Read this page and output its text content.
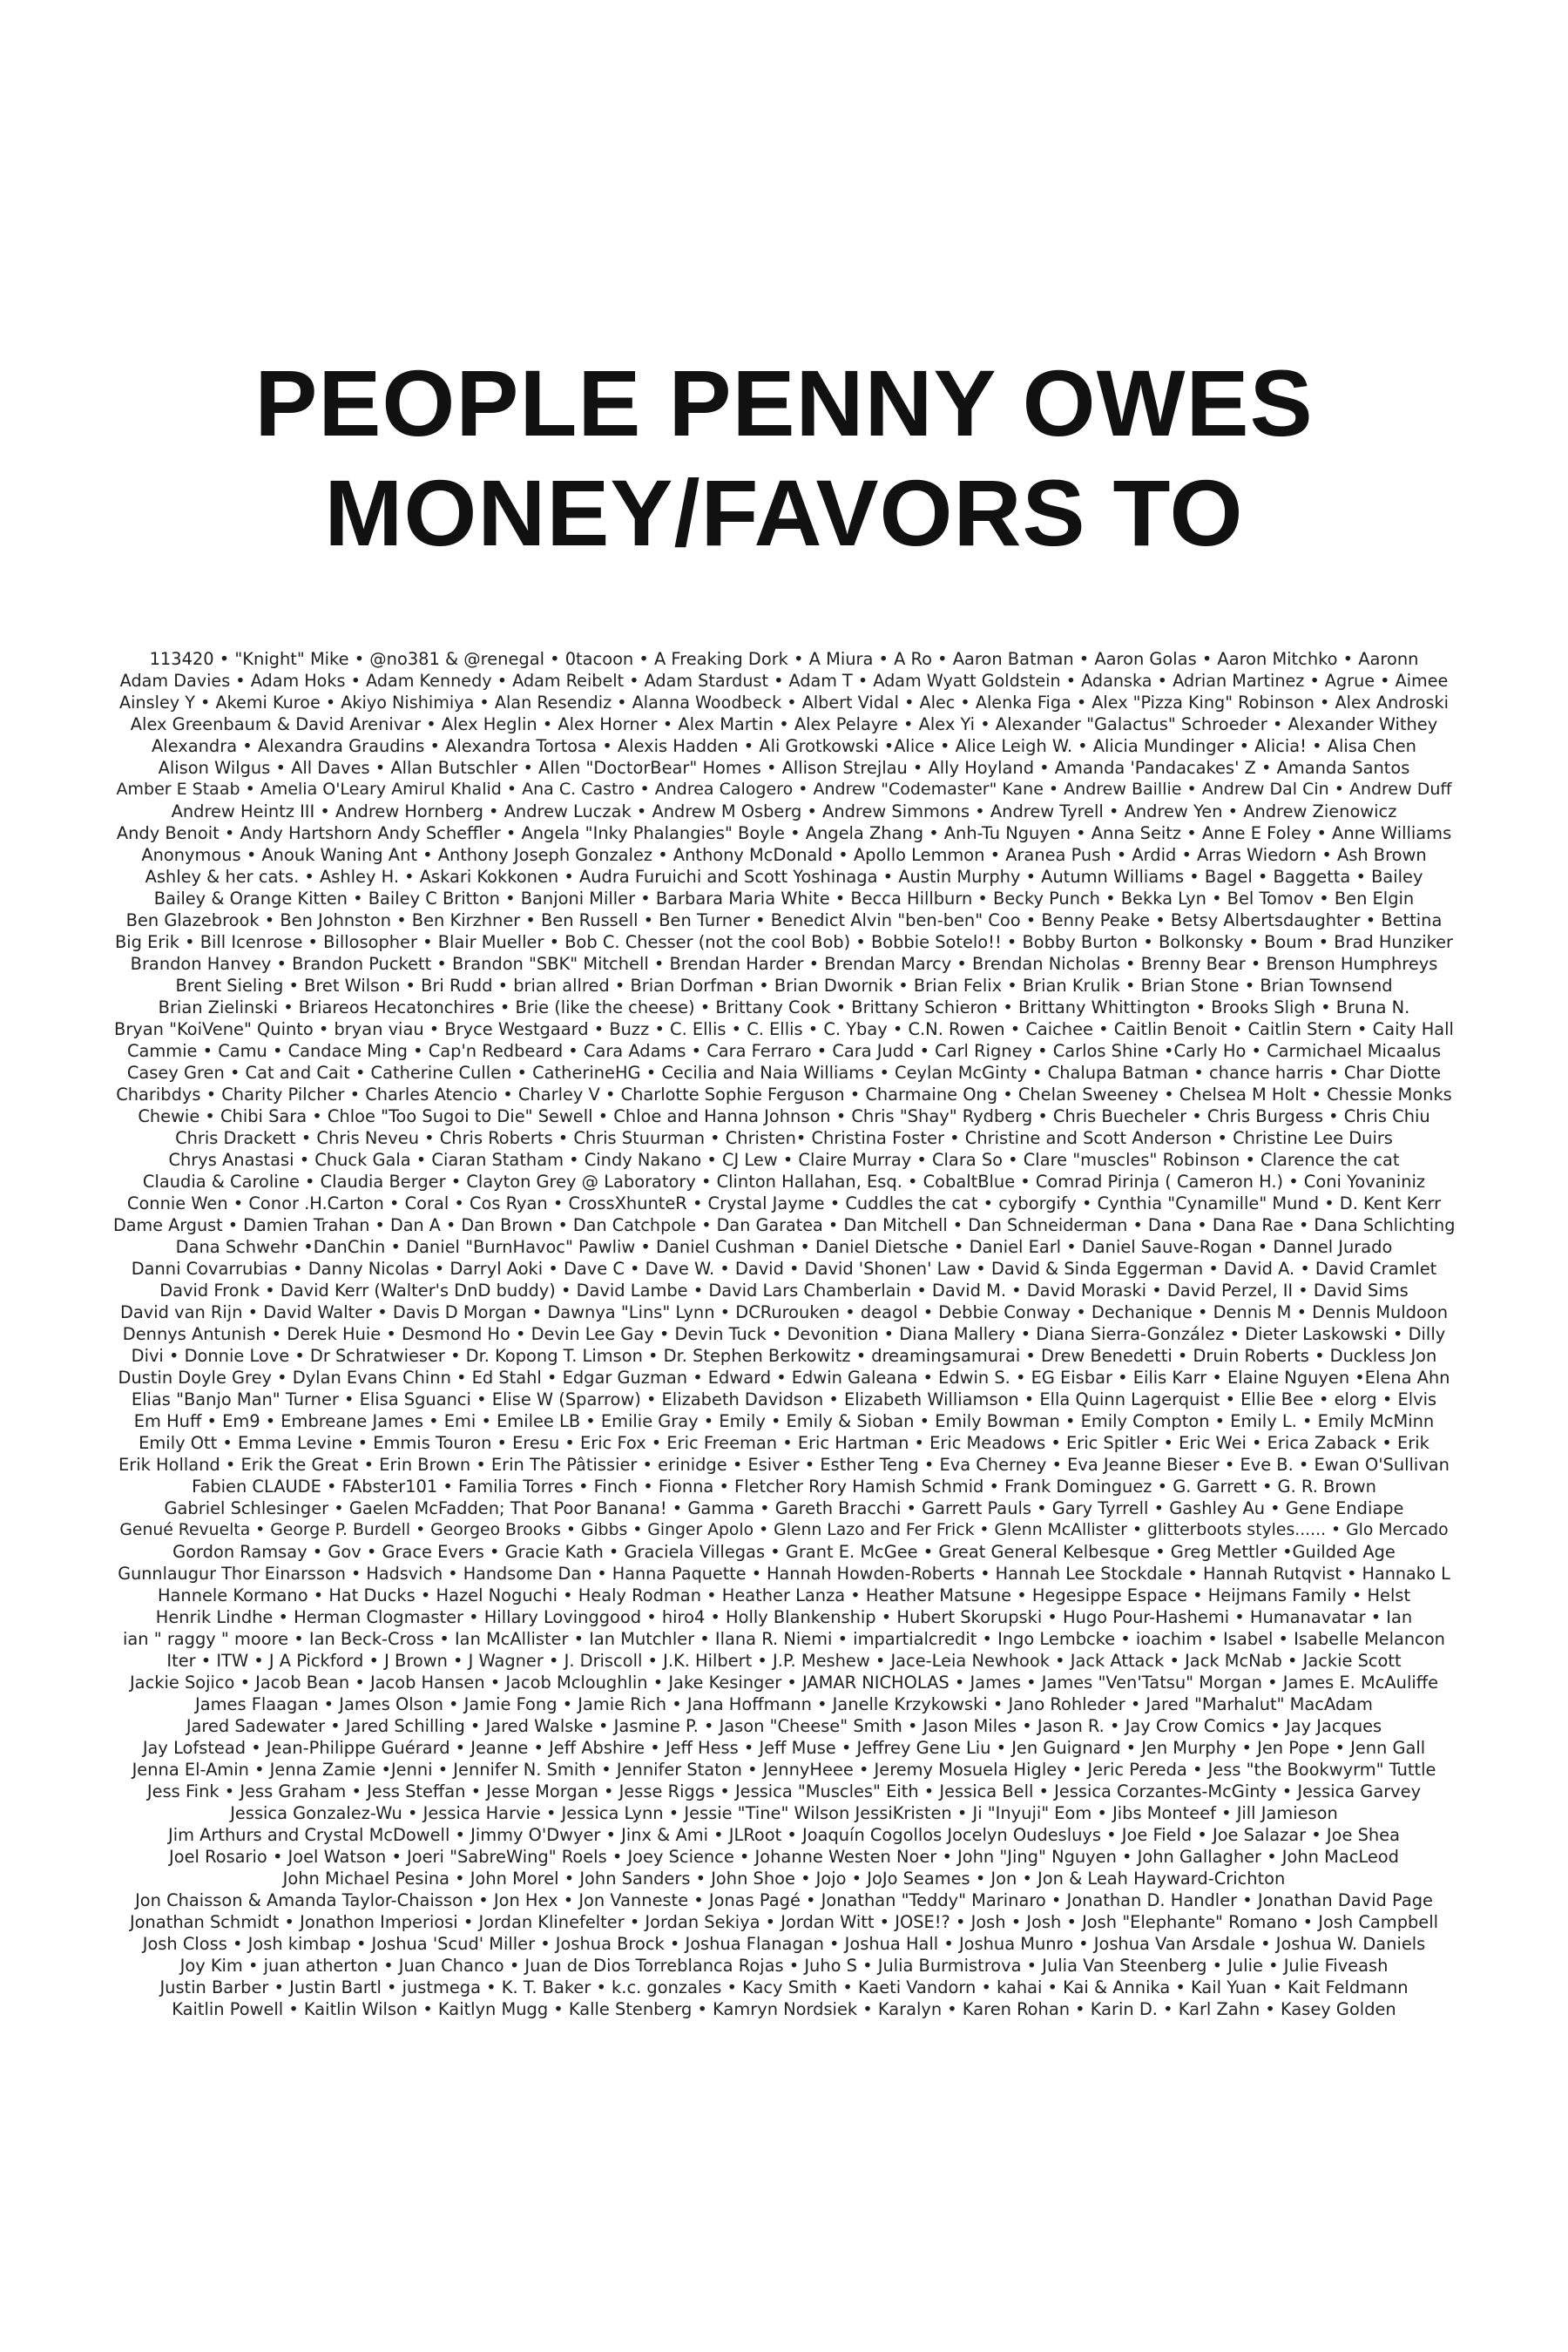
PEOPLE PENNY OWES
MONEY/FAVORS TO
113420 • "Knight" Mike • @no381 & @renegal • 0tacoon • A Freaking Dork • A Miura • A Ro • Aaron Batman • Aaron Golas • Aaron Mitchko • Aaronn
Adam Davies • Adam Hoks • Adam Kennedy • Adam Reibelt • Adam Stardust • Adam T • Adam Wyatt Goldstein • Adanska • Adrian Martinez • Agrue • Aimee
Ainsley Y • Akemi Kuroe • Akiyo Nishimiya • Alan Resendiz • Alanna Woodbeck • Albert Vidal • Alec • Alenka Figa • Alex "Pizza King" Robinson • Alex Androski
Alex Greenbaum & David Arenivar • Alex Heglin • Alex Horner • Alex Martin • Alex Pelayre • Alex Yi • Alexander "Galactus" Schroeder • Alexander Withey
Alexandra • Alexandra Graudins • Alexandra Tortosa • Alexis Hadden • Ali Grotkowski •Alice • Alice Leigh W. • Alicia Mundinger • Alicia! • Alisa Chen
Alison Wilgus • All Daves • Allan Butschler • Allen "DoctorBear" Homes • Allison Strejlau • Ally Hoyland • Amanda 'Pandacakes' Z • Amanda Santos
Amber E Staab • Amelia O'Leary Amirul Khalid • Ana C. Castro • Andrea Calogero • Andrew "Codemaster" Kane • Andrew Baillie • Andrew Dal Cin • Andrew Duff
Andrew Heintz III • Andrew Hornberg • Andrew Luczak • Andrew M Osberg • Andrew Simmons • Andrew Tyrell • Andrew Yen • Andrew Zienowicz
Andy Benoit • Andy Hartshorn Andy Scheffler • Angela "Inky Phalangies" Boyle • Angela Zhang • Anh-Tu Nguyen • Anna Seitz • Anne E Foley • Anne Williams
Anonymous • Anouk Waning Ant • Anthony Joseph Gonzalez • Anthony McDonald • Apollo Lemmon • Aranea Push • Ardid • Arras Wiedorn • Ash Brown
Ashley & her cats. • Ashley H. • Askari Kokkonen • Audra Furuichi and Scott Yoshinaga • Austin Murphy • Autumn Williams • Bagel • Baggetta • Bailey
Bailey & Orange Kitten • Bailey C Britton • Banjoni Miller • Barbara Maria White • Becca Hillburn • Becky Punch • Bekka Lyn • Bel Tomov • Ben Elgin
Ben Glazebrook • Ben Johnston • Ben Kirzhner • Ben Russell • Ben Turner • Benedict Alvin "ben-ben" Coo • Benny Peake • Betsy Albertsdaughter • Bettina
Big Erik • Bill Icenrose • Billosopher • Blair Mueller • Bob C. Chesser (not the cool Bob) • Bobbie Sotelo!! • Bobby Burton • Bolkonsky • Boum • Brad Hunziker
Brandon Hanvey • Brandon Puckett • Brandon "SBK" Mitchell • Brendan Harder • Brendan Marcy • Brendan Nicholas • Brenny Bear • Brenson Humphreys
Brent Sieling • Bret Wilson • Bri Rudd • brian allred • Brian Dorfman • Brian Dwornik • Brian Felix • Brian Krulik • Brian Stone • Brian Townsend
Brian Zielinski • Briareos Hecatonchires • Brie (like the cheese) • Brittany Cook • Brittany Schieron • Brittany Whittington • Brooks Sligh • Bruna N.
Bryan "KoiVene" Quinto • bryan viau • Bryce Westgaard • Buzz • C. Ellis • C. Ellis • C. Ybay • C.N. Rowen • Caichee • Caitlin Benoit • Caitlin Stern • Caity Hall
Cammie • Camu • Candace Ming • Cap'n Redbeard • Cara Adams • Cara Ferraro • Cara Judd • Carl Rigney • Carlos Shine •Carly Ho • Carmichael Micaalus
Casey Gren • Cat and Cait • Catherine Cullen • CatherineHG • Cecilia and Naia Williams • Ceylan McGinty • Chalupa Batman • chance harris • Char Diotte
Charibdys • Charity Pilcher • Charles Atencio • Charley V • Charlotte Sophie Ferguson • Charmaine Ong • Chelan Sweeney • Chelsea M Holt • Chessie Monks
Chewie • Chibi Sara • Chloe "Too Sugoi to Die" Sewell • Chloe and Hanna Johnson • Chris "Shay" Rydberg • Chris Buecheler • Chris Burgess • Chris Chiu
Chris Drackett • Chris Neveu • Chris Roberts • Chris Stuurman • Christen• Christina Foster • Christine and Scott Anderson • Christine Lee Duirs
Chrys Anastasi • Chuck Gala • Ciaran Statham • Cindy Nakano • CJ Lew • Claire Murray • Clara So • Clare "muscles" Robinson • Clarence the cat
Claudia & Caroline • Claudia Berger • Clayton Grey @ Laboratory • Clinton Hallahan, Esq. • CobaltBlue • Comrad Pirinja ( Cameron H.) • Coni Yovaniniz
Connie Wen • Conor .H.Carton • Coral • Cos Ryan • CrossXhunteR • Crystal Jayme • Cuddles the cat • cyborgify • Cynthia "Cynamille" Mund • D. Kent Kerr
Dame Argust • Damien Trahan • Dan A • Dan Brown • Dan Catchpole • Dan Garatea • Dan Mitchell • Dan Schneiderman • Dana • Dana Rae • Dana Schlichting
Dana Schwehr •DanChin • Daniel "BurnHavoc" Pawliw • Daniel Cushman • Daniel Dietsche • Daniel Earl • Daniel Sauve-Rogan • Dannel Jurado
Danni Covarrubias • Danny Nicolas • Darryl Aoki • Dave C • Dave W. • David • David 'Shonen' Law • David & Sinda Eggerman • David A. • David Cramlet
David Fronk • David Kerr (Walter's DnD buddy) • David Lambe • David Lars Chamberlain • David M. • David Moraski • David Perzel, II • David Sims
David van Rijn • David Walter • Davis D Morgan • Dawnya "Lins" Lynn • DCRurouken • deagol • Debbie Conway • Dechanique • Dennis M • Dennis Muldoon
Dennys Antunish • Derek Huie • Desmond Ho • Devin Lee Gay • Devin Tuck • Devonition • Diana Mallery • Diana Sierra-González • Dieter Laskowski • Dilly
Divi • Donnie Love • Dr Schratwieser • Dr. Kopong T. Limson • Dr. Stephen Berkowitz • dreamingsamurai • Drew Benedetti • Druin Roberts • Duckless Jon
Dustin Doyle Grey • Dylan Evans Chinn • Ed Stahl • Edgar Guzman • Edward • Edwin Galeana • Edwin S. • EG Eisbar • Eilis Karr • Elaine Nguyen •Elena Ahn
Elias "Banjo Man" Turner • Elisa Sguanci • Elise W (Sparrow) • Elizabeth Davidson • Elizabeth Williamson • Ella Quinn Lagerquist • Ellie Bee • elorg • Elvis
Em Huff • Em9 • Embreane James • Emi • Emilee LB • Emilie Gray • Emily • Emily & Sioban • Emily Bowman • Emily Compton • Emily L. • Emily McMinn
Emily Ott • Emma Levine • Emmis Touron • Eresu • Eric Fox • Eric Freeman • Eric Hartman • Eric Meadows • Eric Spitler • Eric Wei • Erica Zaback • Erik
Erik Holland • Erik the Great • Erin Brown • Erin The Pâtissier • erinidge • Esiver • Esther Teng • Eva Cherney • Eva Jeanne Bieser • Eve B. • Ewan O'Sullivan
Fabien CLAUDE • FAbster101 • Familia Torres • Finch • Fionna • Fletcher Rory Hamish Schmid • Frank Dominguez • G. Garrett • G. R. Brown
Gabriel Schlesinger • Gaelen McFadden; That Poor Banana! • Gamma • Gareth Bracchi • Garrett Pauls • Gary Tyrrell • Gashley Au • Gene Endiape
Genué Revuelta • George P. Burdell • Georgeo Brooks • Gibbs • Ginger Apolo • Glenn Lazo and Fer Frick • Glenn McAllister • glitterboots styles...... • Glo Mercado
Gordon Ramsay • Gov • Grace Evers • Gracie Kath • Graciela Villegas • Grant E. McGee • Great General Kelbesque • Greg Mettler •Guilded Age
Gunnlaugur Thor Einarsson • Hadsvich • Handsome Dan • Hanna Paquette • Hannah Howden-Roberts • Hannah Lee Stockdale • Hannah Rutqvist • Hannako L
Hannele Kormano • Hat Ducks • Hazel Noguchi • Healy Rodman • Heather Lanza • Heather Matsune • Hegesippe Espace • Heijmans Family • Helst
Henrik Lindhe • Herman Clogmaster • Hillary Lovinggood • hiro4 • Holly Blankenship • Hubert Skorupski • Hugo Pour-Hashemi • Humanavatar • Ian
ian " raggy " moore • Ian Beck-Cross • Ian McAllister • Ian Mutchler • Ilana R. Niemi • impartialcredit • Ingo Lembcke • ioachim • Isabel • Isabelle Melancon
Iter • ITW • J A Pickford • J Brown • J Wagner • J. Driscoll • J.K. Hilbert • J.P. Meshew • Jace-Leia Newhook • Jack Attack • Jack McNab • Jackie Scott
Jackie Sojico • Jacob Bean • Jacob Hansen • Jacob Mcloughlin • Jake Kesinger • JAMAR NICHOLAS • James • James "Ven'Tatsu" Morgan • James E. McAuliffe
James Flaagan • James Olson • Jamie Fong • Jamie Rich • Jana Hoffmann • Janelle Krzykowski • Jano Rohleder • Jared "Marhalut" MacAdam
Jared Sadewater • Jared Schilling • Jared Walske • Jasmine P. • Jason "Cheese" Smith • Jason Miles • Jason R. • Jay Crow Comics • Jay Jacques
Jay Lofstead • Jean-Philippe Guérard • Jeanne • Jeff Abshire • Jeff Hess • Jeff Muse • Jeffrey Gene Liu • Jen Guignard • Jen Murphy • Jen Pope • Jenn Gall
Jenna El-Amin • Jenna Zamie •Jenni • Jennifer N. Smith • Jennifer Staton • JennyHeee • Jeremy Mosuela Higley • Jeric Pereda • Jess "the Bookwyrm" Tuttle
Jess Fink • Jess Graham • Jess Steffan • Jesse Morgan • Jesse Riggs • Jessica "Muscles" Eith • Jessica Bell • Jessica Corzantes-McGinty • Jessica Garvey
Jessica Gonzalez-Wu • Jessica Harvie • Jessica Lynn • Jessie "Tine" Wilson JessiKristen • Ji "Inyuji" Eom • Jibs Monteef • Jill Jamieson
Jim Arthurs and Crystal McDowell • Jimmy O'Dwyer • Jinx & Ami • JLRoot • Joaquín Cogollos Jocelyn Oudesluys • Joe Field • Joe Salazar • Joe Shea
Joel Rosario • Joel Watson • Joeri "SabreWing" Roels • Joey Science • Johanne Westen Noer • John "Jing" Nguyen • John Gallagher • John MacLeod
John Michael Pesina • John Morel • John Sanders • John Shoe • Jojo • JoJo Seames • Jon • Jon & Leah Hayward-Crichton
Jon Chaisson & Amanda Taylor-Chaisson • Jon Hex • Jon Vanneste • Jonas Pagé • Jonathan "Teddy" Marinaro • Jonathan D. Handler • Jonathan David Page
Jonathan Schmidt • Jonathon Imperiosi • Jordan Klinefelter • Jordan Sekiya • Jordan Witt • JOSE!? • Josh • Josh • Josh "Elephante" Romano • Josh Campbell
Josh Closs • Josh kimbap • Joshua 'Scud' Miller • Joshua Brock • Joshua Flanagan • Joshua Hall • Joshua Munro • Joshua Van Arsdale • Joshua W. Daniels
Joy Kim • juan atherton • Juan Chanco • Juan de Dios Torreblanca Rojas • Juho S • Julia Burmistrova • Julia Van Steenberg • Julie • Julie Fiveash
Justin Barber • Justin Bartl • justmega • K. T. Baker • k.c. gonzales • Kacy Smith • Kaeti Vandorn • kahai • Kai & Annika • Kail Yuan • Kait Feldmann
Kaitlin Powell • Kaitlin Wilson • Kaitlyn Mugg • Kalle Stenberg • Kamryn Nordsiek • Karalyn • Karen Rohan • Karin D. • Karl Zahn • Kasey Golden
